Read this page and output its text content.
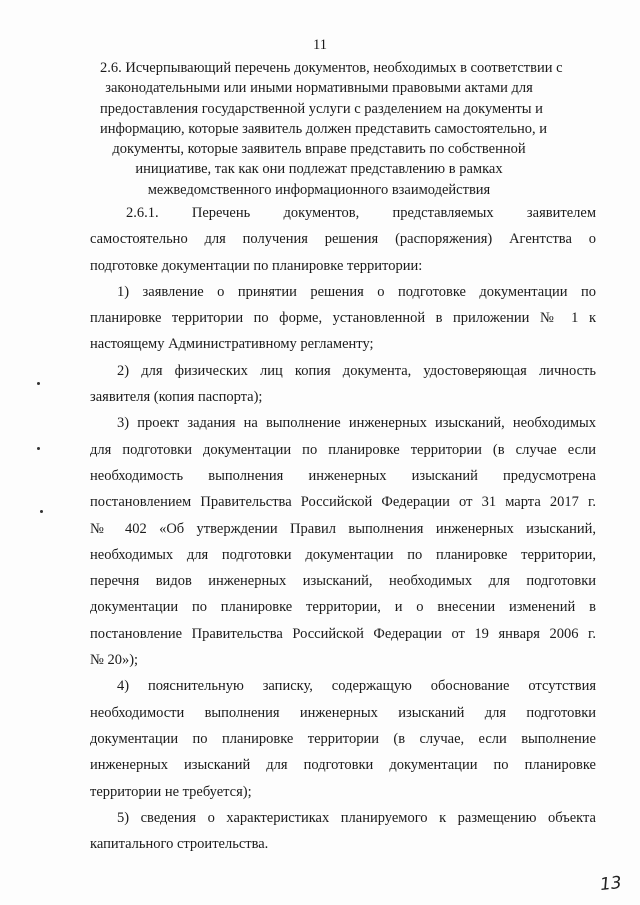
11
2.6. Исчерпывающий перечень документов, необходимых в соответствии с
законодательными или иными нормативными правовыми актами для
предоставления государственной услуги с разделением на документы и
информацию, которые заявитель должен представить самостоятельно, и
документы, которые заявитель вправе представить по собственной
инициативе, так как они подлежат представлению в рамках
межведомственного информационного взаимодействия
2.6.1. Перечень документов, представляемых заявителем
самостоятельно для получения решения (распоряжения) Агентства о
подготовке документации по планировке территории:
1) заявление о принятии решения о подготовке документации по
планировке территории по форме, установленной в приложении № 1 к
настоящему Административному регламенту;
2) для физических лиц копия документа, удостоверяющая личность
заявителя (копия паспорта);
3) проект задания на выполнение инженерных изысканий, необходимых
для подготовки документации по планировке территории (в случае если
необходимость выполнения инженерных изысканий предусмотрена
постановлением Правительства Российской Федерации от 31 марта 2017 г.
№ 402 «Об утверждении Правил выполнения инженерных изысканий,
необходимых для подготовки документации по планировке территории,
перечня видов инженерных изысканий, необходимых для подготовки
документации по планировке территории, и о внесении изменений в
постановление Правительства Российской Федерации от 19 января 2006 г.
№ 20»);
4) пояснительную записку, содержащую обоснование отсутствия
необходимости выполнения инженерных изысканий для подготовки
документации по планировке территории (в случае, если выполнение
инженерных изысканий для подготовки документации по планировке
территории не требуется);
5) сведения о характеристиках планируемого к размещению объекта
капитального строительства.
13
